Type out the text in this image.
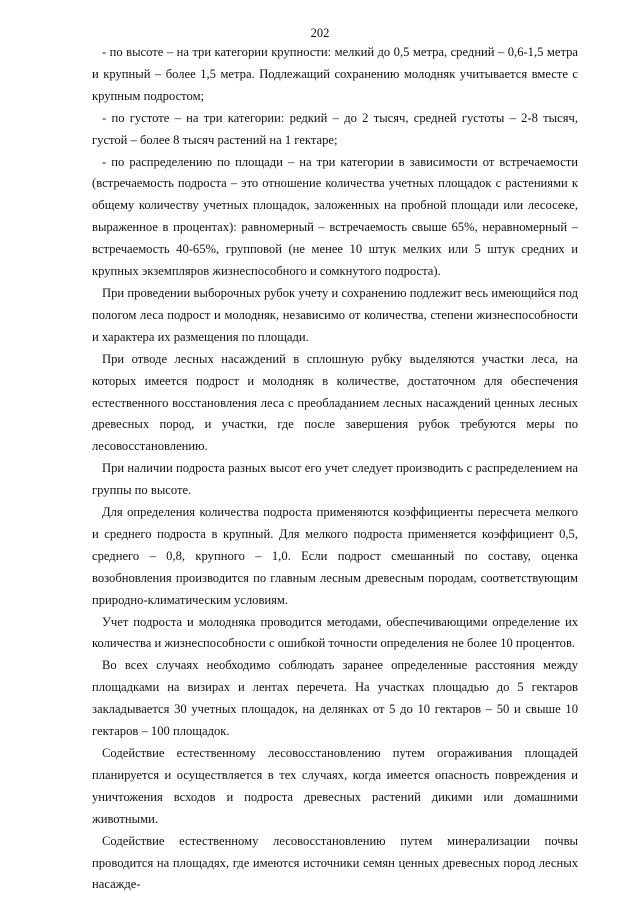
202

- по высоте – на три категории крупности: мелкий до 0,5 метра, средний – 0,6-1,5 метра и крупный – более 1,5 метра. Подлежащий сохранению молодняк учитывается вместе с крупным подростом;

- по густоте – на три категории: редкий – до 2 тысяч, средней густоты – 2-8 тысяч, густой – более 8 тысяч растений на 1 гектаре;

- по распределению по площади – на три категории в зависимости от встречаемости (встречаемость подроста – это отношение количества учетных площадок с растениями к общему количеству учетных площадок, заложенных на пробной площади или лесосеке, выраженное в процентах): равномерный – встречаемость свыше 65%, неравномерный – встречаемость 40-65%, групповой (не менее 10 штук мелких или 5 штук средних и крупных экземпляров жизнеспособного и сомкнутого подроста).

При проведении выборочных рубок учету и сохранению подлежит весь имеющийся под пологом леса подрост и молодняк, независимо от количества, степени жизнеспособности и характера их размещения по площади.

При отводе лесных насаждений в сплошную рубку выделяются участки леса, на которых имеется подрост и молодняк в количестве, достаточном для обеспечения естественного восстановления леса с преобладанием лесных насаждений ценных лесных древесных пород, и участки, где после завершения рубок требуются меры по лесовосстановлению.

При наличии подроста разных высот его учет следует производить с распределением на группы по высоте.

Для определения количества подроста применяются коэффициенты пересчета мелкого и среднего подроста в крупный. Для мелкого подроста применяется коэффициент 0,5, среднего – 0,8, крупного – 1,0. Если подрост смешанный по составу, оценка возобновления производится по главным лесным древесным породам, соответствующим природно-климатическим условиям.

Учет подроста и молодняка проводится методами, обеспечивающими определение их количества и жизнеспособности с ошибкой точности определения не более 10 процентов.

Во всех случаях необходимо соблюдать заранее определенные расстояния между площадками на визирах и лентах перечета. На участках площадью до 5 гектаров закладывается 30 учетных площадок, на делянках от 5 до 10 гектаров – 50 и свыше 10 гектаров – 100 площадок.

Содействие естественному лесовосстановлению путем огораживания площадей планируется и осуществляется в тех случаях, когда имеется опасность повреждения и уничтожения всходов и подроста древесных растений дикими или домашними животными.

Содействие естественному лесовосстановлению путем минерализации почвы проводится на площадях, где имеются источники семян ценных древесных пород лесных насажде-
